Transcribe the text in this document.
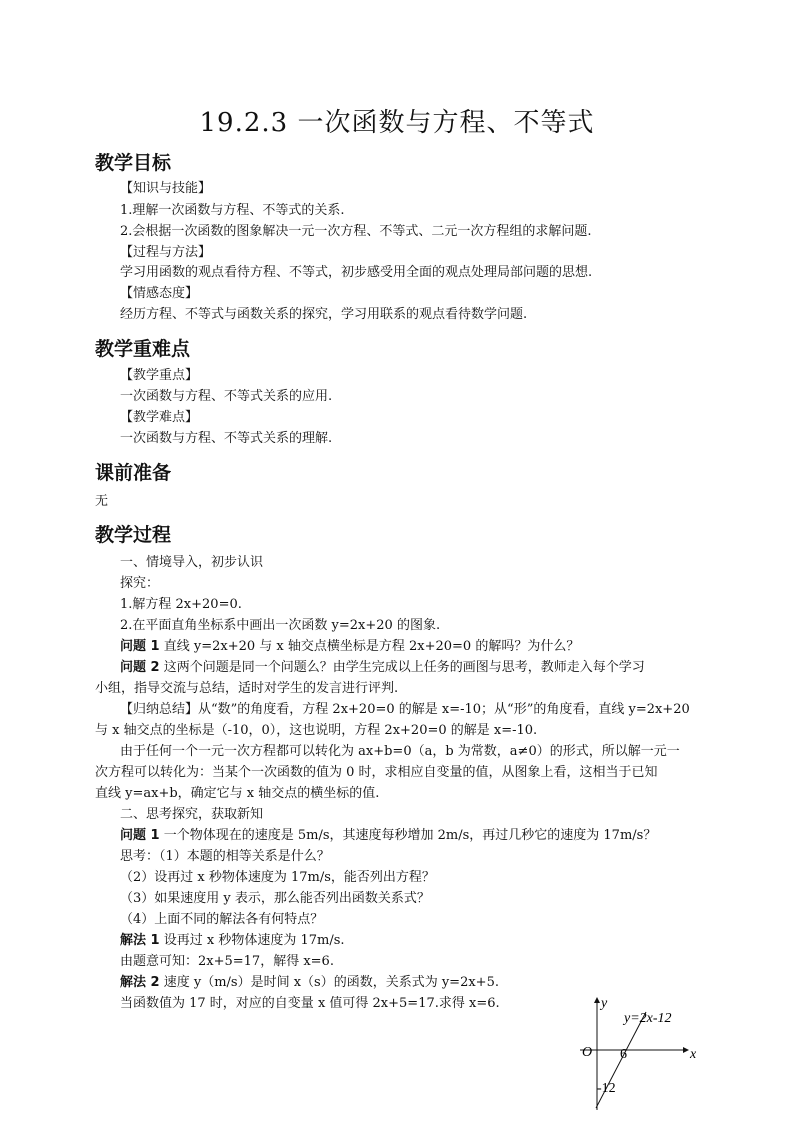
19.2.3 一次函数与方程、不等式
教学目标
【知识与技能】
1.理解一次函数与方程、不等式的关系.
2.会根据一次函数的图象解决一元一次方程、不等式、二元一次方程组的求解问题.
【过程与方法】
学习用函数的观点看待方程、不等式，初步感受用全面的观点处理局部问题的思想.
【情感态度】
经历方程、不等式与函数关系的探究，学习用联系的观点看待数学问题.
教学重难点
【教学重点】
一次函数与方程、不等式关系的应用.
【教学难点】
一次函数与方程、不等式关系的理解.
课前准备
无
教学过程
一、情境导入，初步认识
探究：
1.解方程 2x+20=0.
2.在平面直角坐标系中画出一次函数 y=2x+20 的图象.
问题 1 直线 y=2x+20 与 x 轴交点横坐标是方程 2x+20=0 的解吗？为什么？
问题 2 这两个问题是同一个问题么？由学生完成以上任务的画图与思考，教师走入每个学习
小组，指导交流与总结，适时对学生的发言进行评判.
【归纳总结】从“数”的角度看，方程 2x+20=0 的解是 x=-10；从“形”的角度看，直线 y=2x+20
与 x 轴交点的坐标是（-10，0），这也说明，方程 2x+20=0 的解是 x=-10.
由于任何一个一元一次方程都可以转化为 ax+b=0（a，b 为常数，a≠0）的形式，所以解一元一
次方程可以转化为：当某个一次函数的值为 0 时，求相应自变量的值，从图象上看，这相当于已知
直线 y=ax+b，确定它与 x 轴交点的横坐标的值.
二、思考探究，获取新知
问题 1 一个物体现在的速度是 5m/s，其速度每秒增加 2m/s，再过几秒它的速度为 17m/s？
思考：（1）本题的相等关系是什么？
（2）设再过 x 秒物体速度为 17m/s，能否列出方程？
（3）如果速度用 y 表示，那么能否列出函数关系式？
（4）上面不同的解法各有何特点？
解法 1 设再过 x 秒物体速度为 17m/s.
由题意可知：2x+5=17，解得 x=6.
解法 2 速度 y（m/s）是时间 x（s）的函数，关系式为 y=2x+5.
当函数值为 17 时，对应的自变量 x 值可得 2x+5=17.求得 x=6.	y
x
O
y=2x-12
6
-12
